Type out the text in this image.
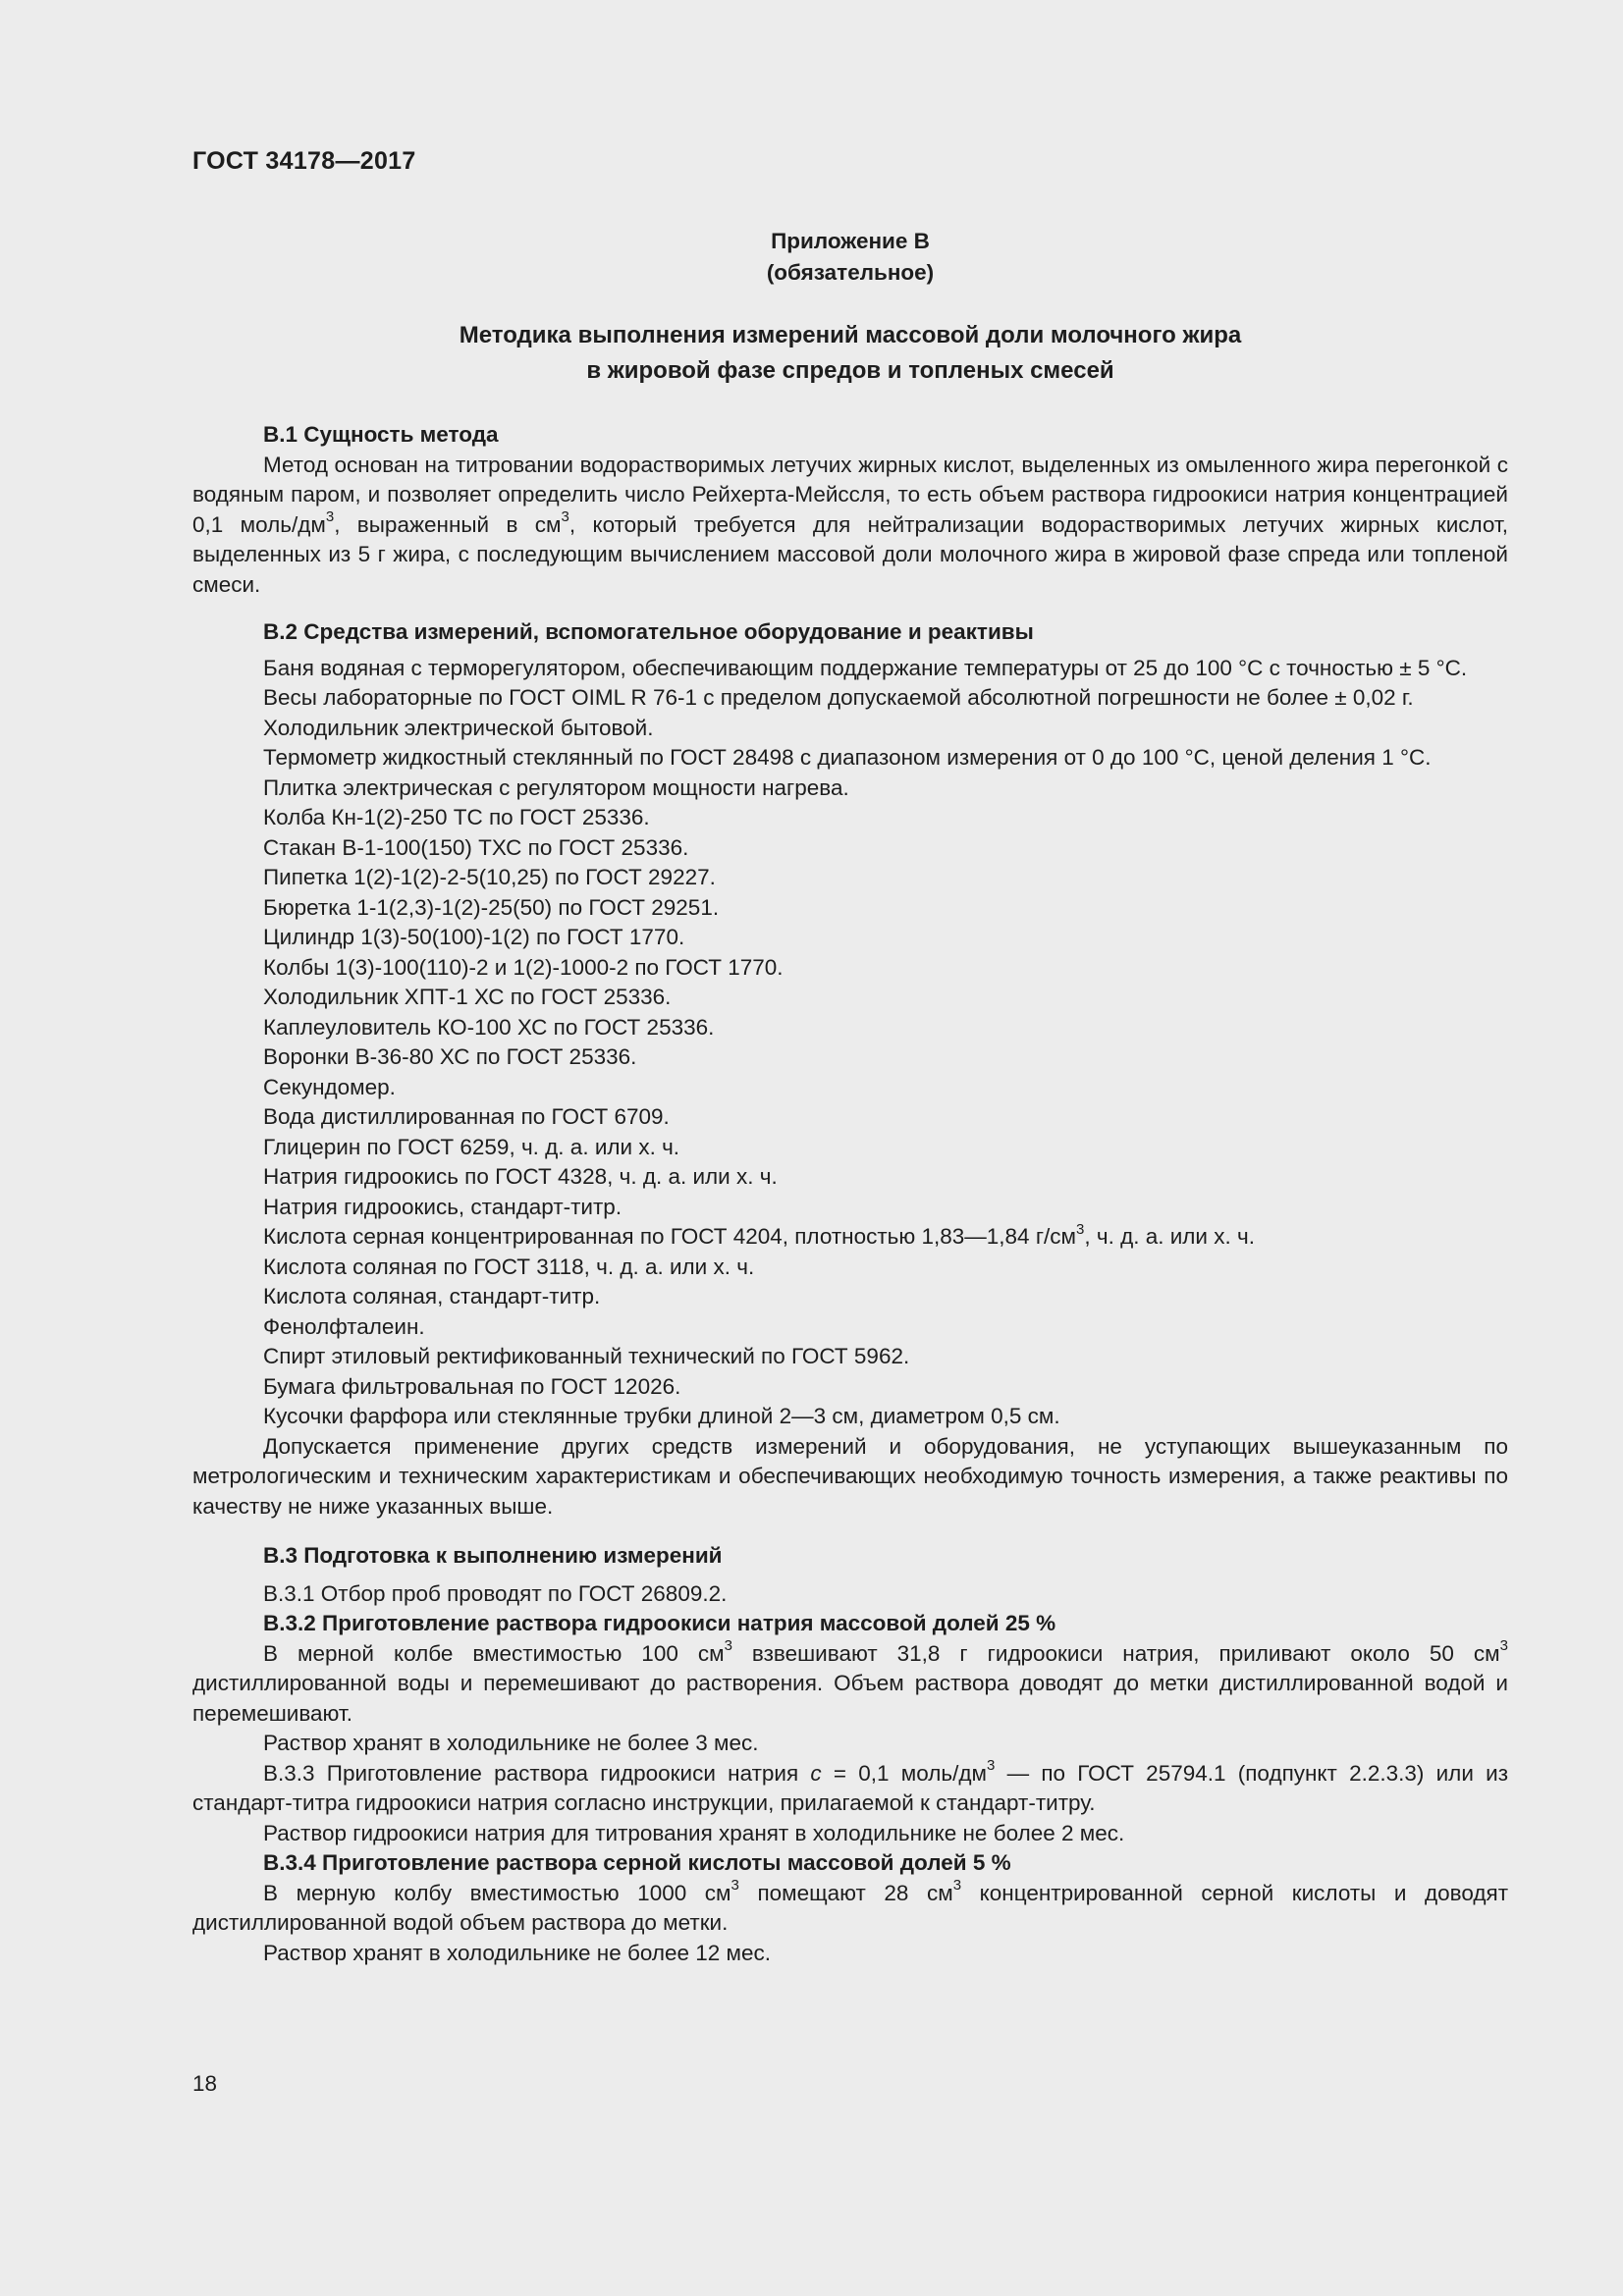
ГОСТ 34178—2017
Приложение В
(обязательное)
Методика выполнения измерений массовой доли молочного жира
в жировой фазе спредов и топленых смесей
В.1 Сущность метода

Метод основан на титровании водорастворимых летучих жирных кислот, выделенных из омыленного жира перегонкой с водяным паром, и позволяет определить число Рейхерта-Мейссля, то есть объем раствора гидроокиси натрия концентрацией 0,1 моль/$дм^3$, выраженный в $см^3$, который требуется для нейтрализации водорастворимых летучих жирных кислот, выделенных из 5 г жира, с последующим вычислением массовой доли молочного жира в жировой фазе спреда или топленой смеси.

В.2 Средства измерений, вспомогательное оборудование и реактивы

Баня водяная с терморегулятором, обеспечивающим поддержание температуры от 25 до 100 °С с точностью ± 5 °С.

Весы лабораторные по ГОСТ OIML R 76-1 с пределом допускаемой абсолютной погрешности не более ± 0,02 г.

Холодильник электрической бытовой.

Термометр жидкостный стеклянный по ГОСТ 28498 с диапазоном измерения от 0 до 100 °С, ценой деления 1 °С.

Плитка электрическая с регулятором мощности нагрева.

Колба Кн-1(2)-250 ТС по ГОСТ 25336.

Стакан В-1-100(150) ТХС по ГОСТ 25336.

Пипетка 1(2)-1(2)-2-5(10,25) по ГОСТ 29227.

Бюретка 1-1(2,3)-1(2)-25(50) по ГОСТ 29251.

Цилиндр 1(3)-50(100)-1(2) по ГОСТ 1770.

Колбы 1(3)-100(110)-2 и 1(2)-1000-2 по ГОСТ 1770.

Холодильник ХПТ-1 ХС по ГОСТ 25336.

Каплеуловитель КО-100 ХС по ГОСТ 25336.

Воронки В-36-80 ХС по ГОСТ 25336.

Секундомер.

Вода дистиллированная по ГОСТ 6709.

Глицерин по ГОСТ 6259, ч. д. а. или х. ч.

Натрия гидроокись по ГОСТ 4328, ч. д. а. или х. ч.

Натрия гидроокись, стандарт-титр.

Кислота серная концентрированная по ГОСТ 4204, плотностью 1,83—1,84 $г/см^3$, ч. д. а. или х. ч.

Кислота соляная по ГОСТ 3118, ч. д. а. или х. ч.

Кислота соляная, стандарт-титр.

Фенолфталеин.

Спирт этиловый ректификованный технический по ГОСТ 5962.

Бумага фильтровальная по ГОСТ 12026.

Кусочки фарфора или стеклянные трубки длиной 2—3 см, диаметром 0,5 см.

Допускается применение других средств измерений и оборудования, не уступающих вышеуказанным по метрологическим и техническим характеристикам и обеспечивающих необходимую точность измерения, а также реактивы по качеству не ниже указанных выше.

В.3 Подготовка к выполнению измерений

В.3.1 Отбор проб проводят по ГОСТ 26809.2.

В.3.2 Приготовление раствора гидроокиси натрия массовой долей 25 %

В мерной колбе вместимостью 100 $см^3$ взвешивают 31,8 г гидроокиси натрия, приливают около 50 $см^3$ дистиллированной воды и перемешивают до растворения. Объем раствора доводят до метки дистиллированной водой и перемешивают.

Раствор хранят в холодильнике не более 3 мес.

В.3.3 Приготовление раствора гидроокиси натрия с = 0,1 моль/$дм^3$ — по ГОСТ 25794.1 (подпункт 2.2.3.3) или из стандарт-титра гидроокиси натрия согласно инструкции, прилагаемой к стандарт-титру.

Раствор гидроокиси натрия для титрования хранят в холодильнике не более 2 мес.

В.3.4 Приготовление раствора серной кислоты массовой долей 5 %

В мерную колбу вместимостью 1000 $см^3$ помещают 28 $см^3$ концентрированной серной кислоты и доводят дистиллированной водой объем раствора до метки.

Раствор хранят в холодильнике не более 12 мес.

18
